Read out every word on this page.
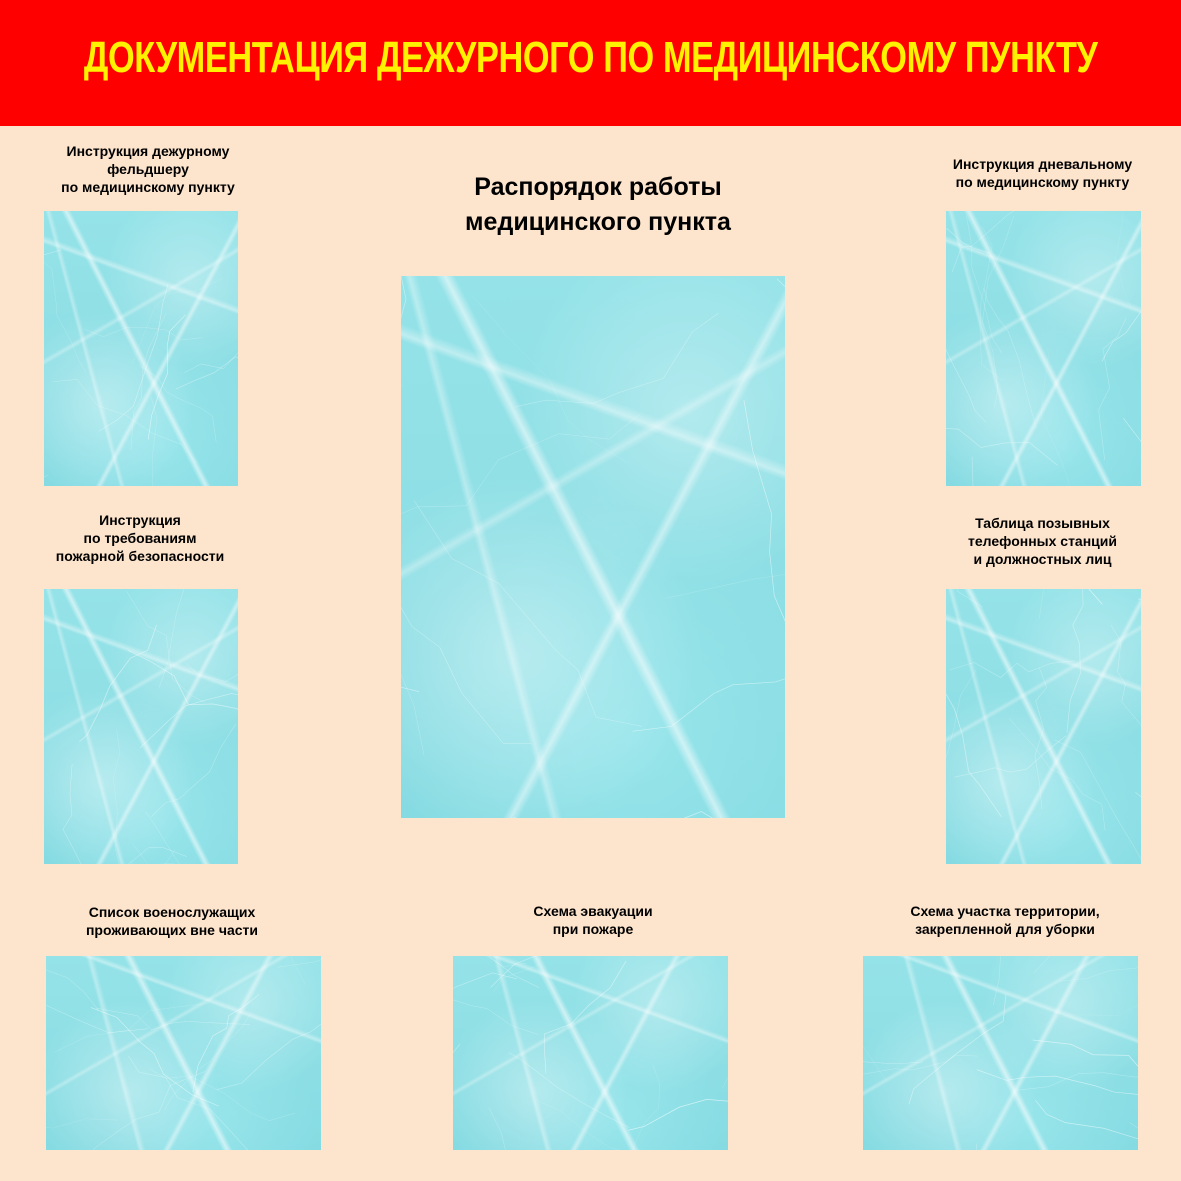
ДОКУМЕНТАЦИЯ ДЕЖУРНОГО ПО МЕДИЦИНСКОМУ ПУНКТУ
Инструкция дежурному
фельдшеру
по медицинскому пункту	Распорядок работы
медицинского пункта
Инструкция дневальному
по медицинскому пункту
Инструкция
по требованиям
пожарной безопасности
Таблица позывных
телефонных станций
и должностных лиц
Список военослужащих
проживающих вне части
Схема эвакуации
при пожаре
Схема участка территории,
закрепленной для уборки
